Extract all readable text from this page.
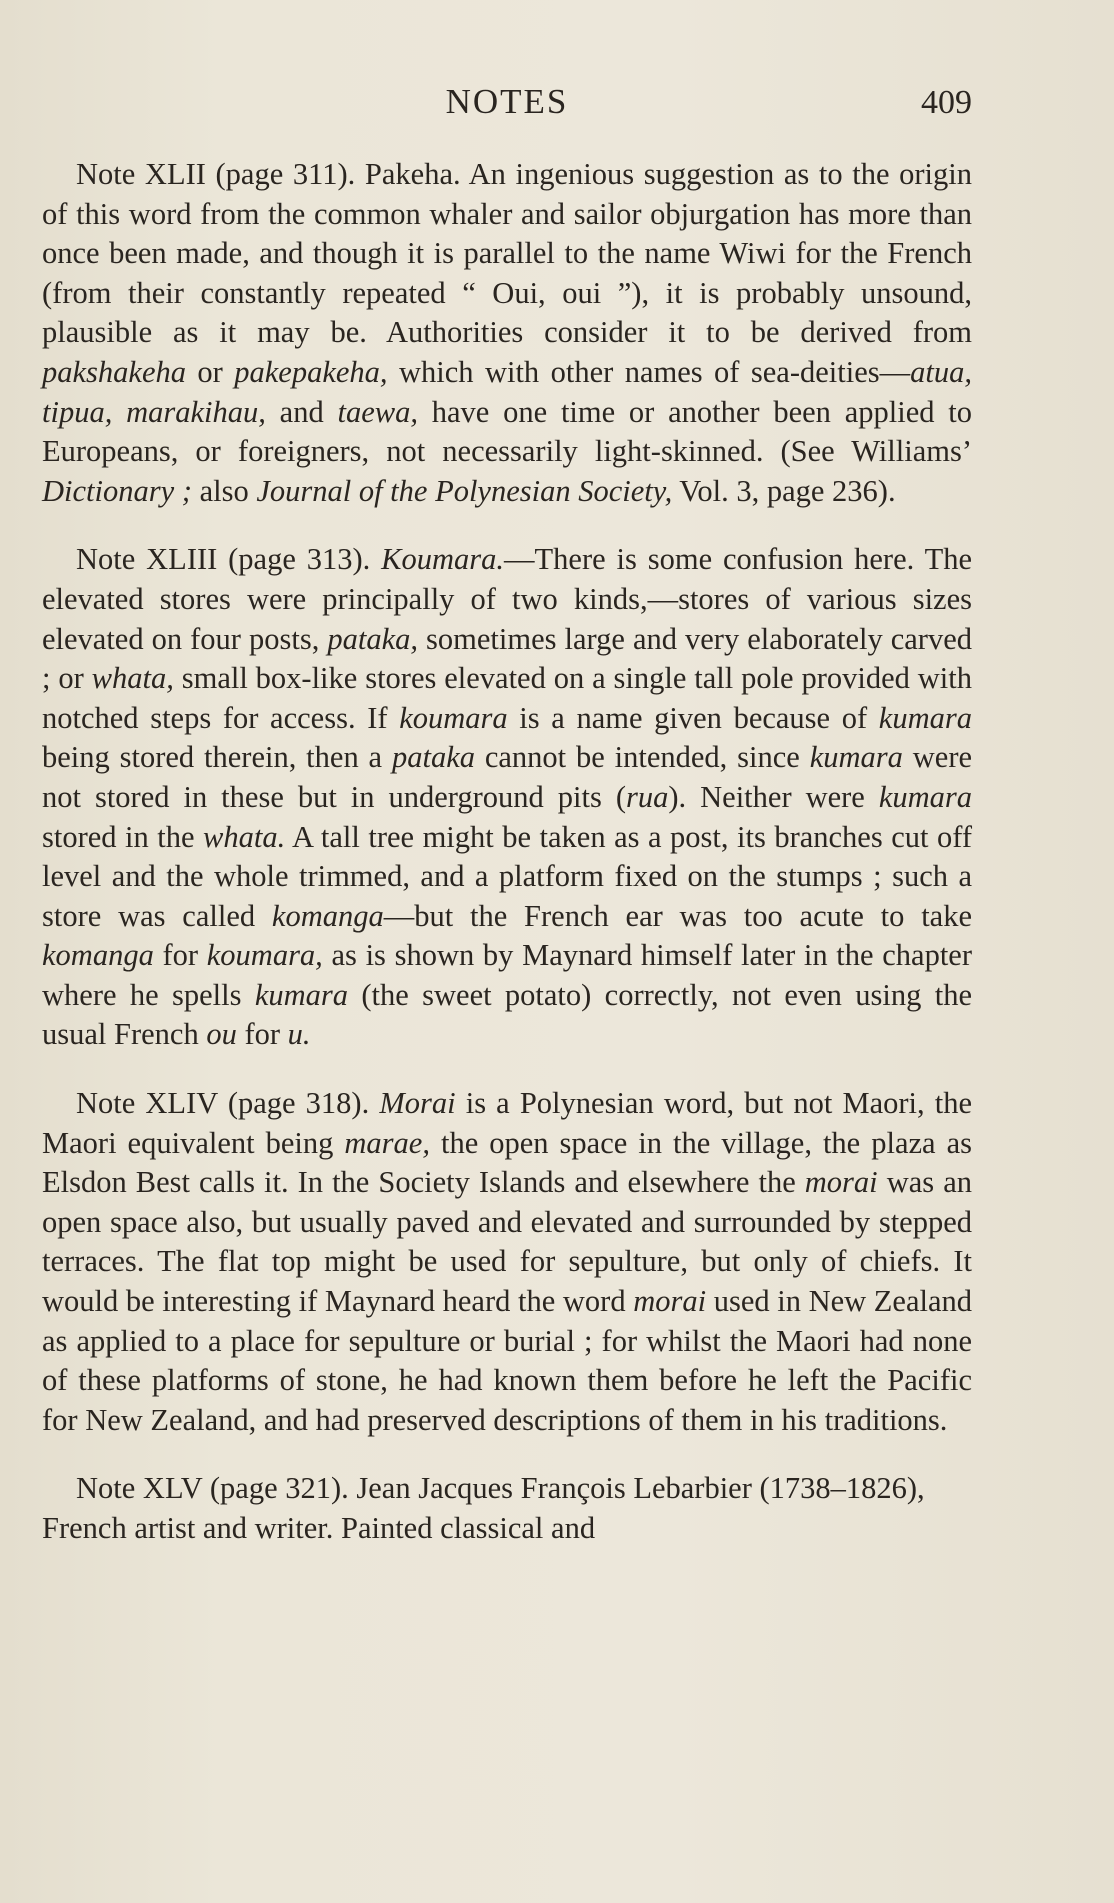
NOTES	409

Note XLII (page 311). Pakeha. An ingenious suggestion as to the origin of this word from the common whaler and sailor objurgation has more than once been made, and though it is parallel to the name Wiwi for the French (from their constantly repeated “ Oui, oui ”), it is probably unsound, plausible as it may be. Authorities consider it to be derived from pakshakeha or pakepakeha, which with other names of sea-deities—atua, tipua, marakihau, and taewa, have one time or another been applied to Europeans, or foreigners, not necessarily light-skinned. (See Williams’ Dictionary ; also Journal of the Polynesian Society, Vol. 3, page 236).

Note XLIII (page 313). Koumara.—There is some confusion here. The elevated stores were principally of two kinds,—stores of various sizes elevated on four posts, pataka, sometimes large and very elaborately carved ; or whata, small box-like stores elevated on a single tall pole provided with notched steps for access. If koumara is a name given because of kumara being stored therein, then a pataka cannot be intended, since kumara were not stored in these but in underground pits (rua). Neither were kumara stored in the whata. A tall tree might be taken as a post, its branches cut off level and the whole trimmed, and a platform fixed on the stumps ; such a store was called komanga—but the French ear was too acute to take komanga for koumara, as is shown by Maynard himself later in the chapter where he spells kumara (the sweet potato) correctly, not even using the usual French ou for u.

Note XLIV (page 318). Morai is a Polynesian word, but not Maori, the Maori equivalent being marae, the open space in the village, the plaza as Elsdon Best calls it. In the Society Islands and elsewhere the morai was an open space also, but usually paved and elevated and surrounded by stepped terraces. The flat top might be used for sepulture, but only of chiefs. It would be interesting if Maynard heard the word morai used in New Zealand as applied to a place for sepulture or burial ; for whilst the Maori had none of these platforms of stone, he had known them before he left the Pacific for New Zealand, and had preserved descriptions of them in his traditions.

Note XLV (page 321). Jean Jacques François Lebarbier (1738–1826), French artist and writer. Painted classical and
